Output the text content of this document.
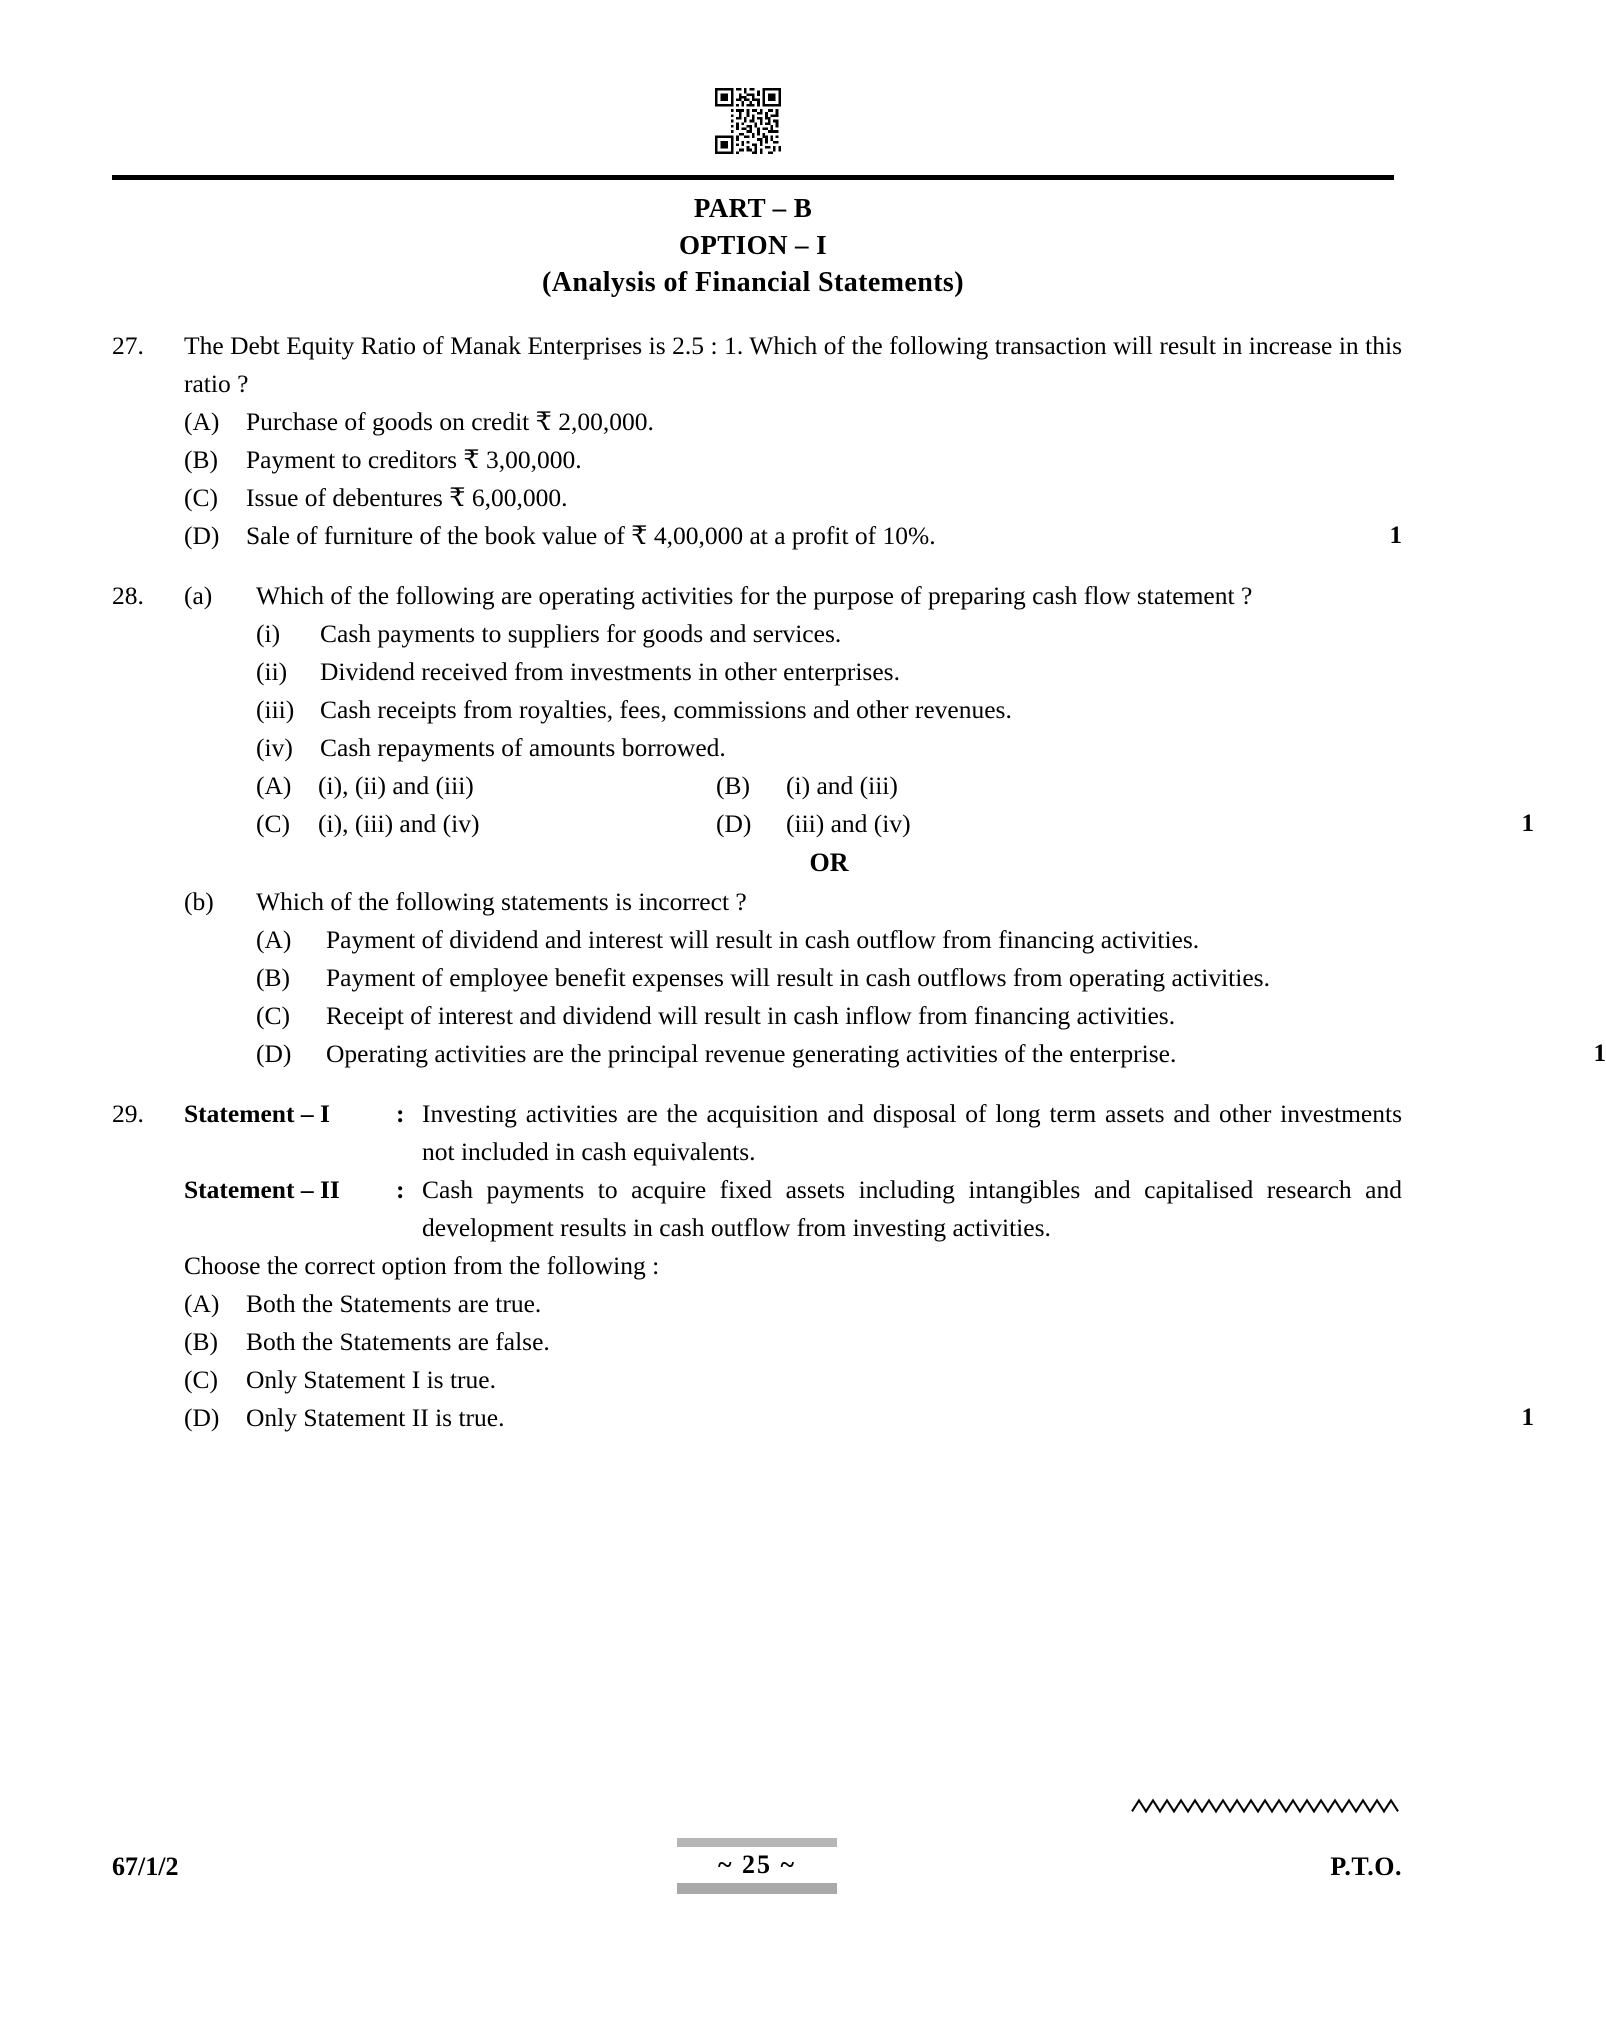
PART – B
OPTION – I
(Analysis of Financial Statements)
27.	The Debt Equity Ratio of Manak Enterprises is 2.5 : 1. Which of the following transaction will result in increase in this ratio ?
(A)	Purchase of goods on credit ₹ 2,00,000.
(B)	Payment to creditors ₹ 3,00,000.
(C)	Issue of debentures ₹ 6,00,000.
(D)	Sale of furniture of the book value of ₹ 4,00,000 at a profit of 10%.	1
28.	(a)	Which of the following are operating activities for the purpose of preparing cash flow statement ?
(i)	Cash payments to suppliers for goods and services.
(ii)	Dividend received from investments in other enterprises.
(iii)	Cash receipts from royalties, fees, commissions and other revenues.
(iv)	Cash repayments of amounts borrowed.
(A)	(i), (ii) and (iii)	(B)	(i) and (iii)
(C)	(i), (iii) and (iv)	(D)	(iii) and (iv)	1
OR
(b)	Which of the following statements is incorrect ?
(A)	Payment of dividend and interest will result in cash outflow from financing activities.
(B)	Payment of employee benefit expenses will result in cash outflows from operating activities.
(C)	Receipt of interest and dividend will result in cash inflow from financing activities.
(D)	Operating activities are the principal revenue generating activities of the enterprise.	1
29.	Statement – I	: Investing activities are the acquisition and disposal of long term assets and other investments not included in cash equivalents.
Statement – II	: Cash payments to acquire fixed assets including intangibles and capitalised research and development results in cash outflow from investing activities.
Choose the correct option from the following :
(A)	Both the Statements are true.
(B)	Both the Statements are false.
(C)	Only Statement I is true.
(D)	Only Statement II is true.	1
67/1/2	~ 25 ~	P.T.O.
